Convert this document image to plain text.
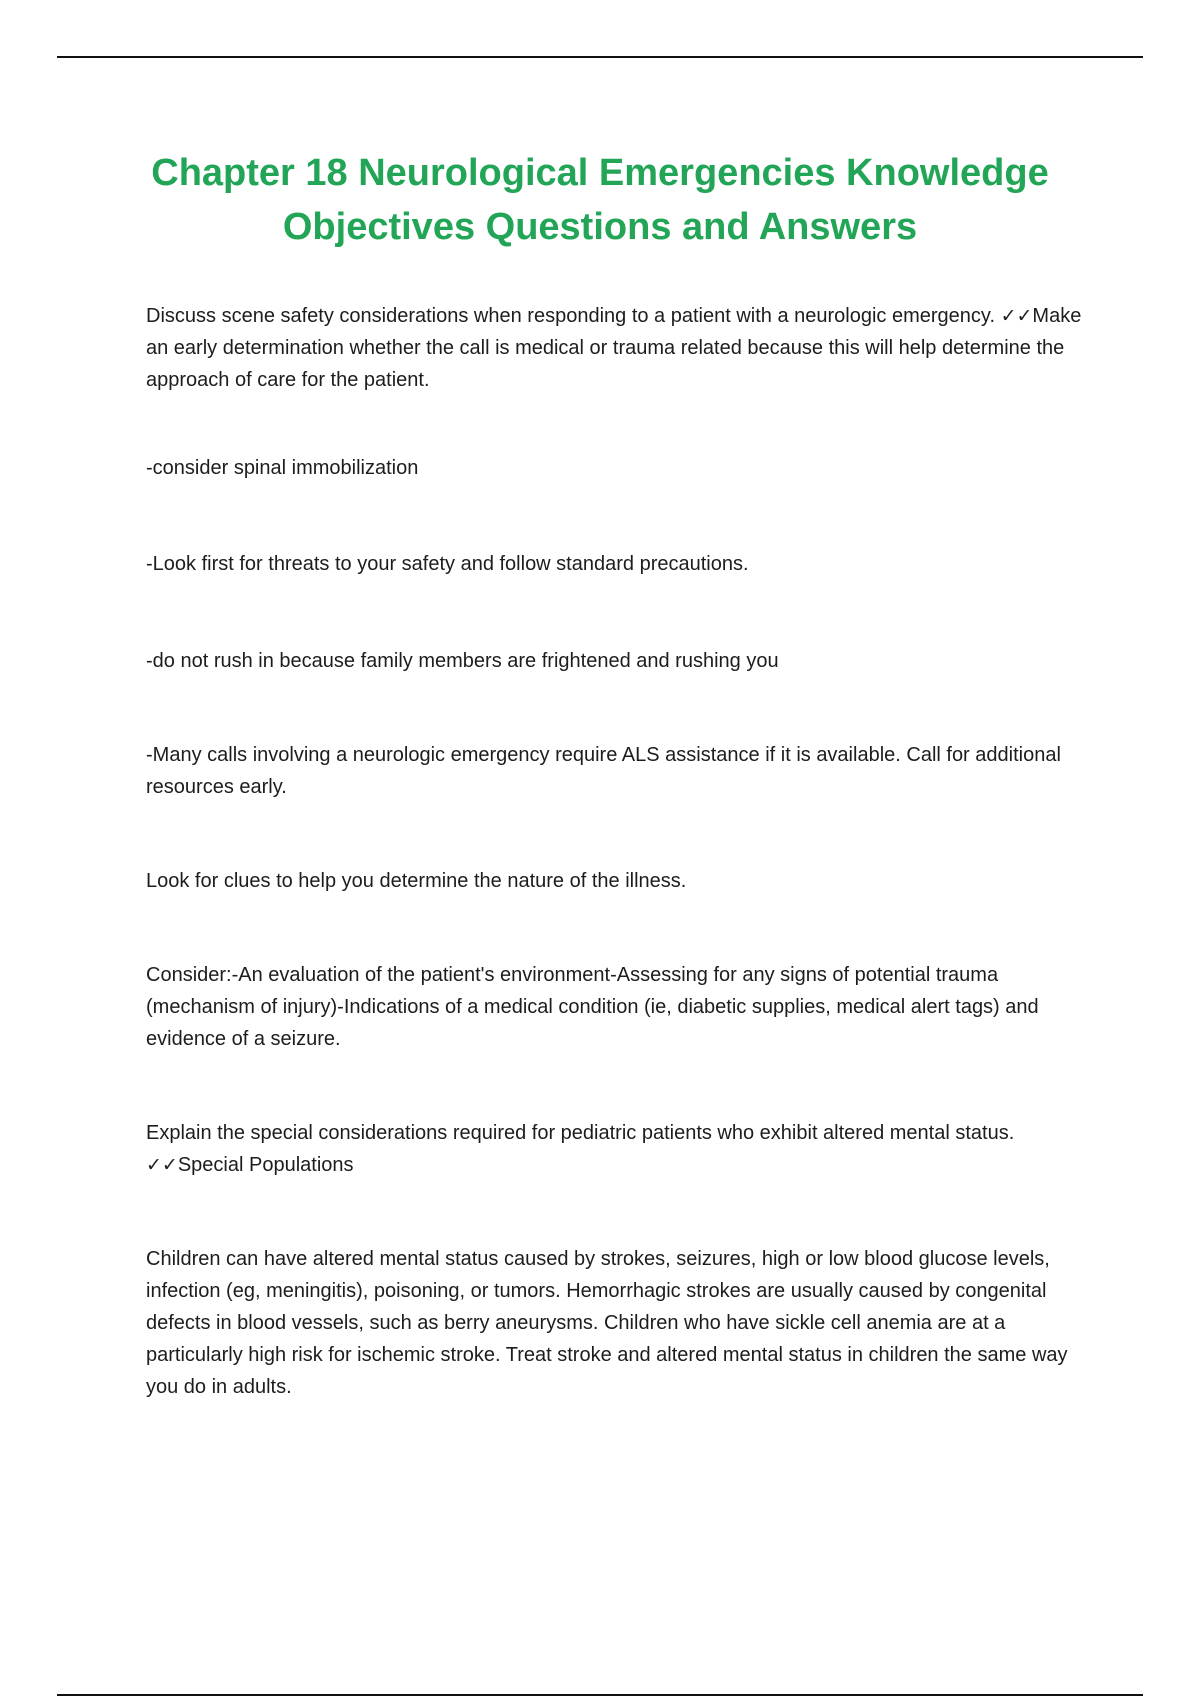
Chapter 18 Neurological Emergencies Knowledge Objectives Questions and Answers

Discuss scene safety considerations when responding to a patient with a neurologic emergency. ✓✓Make an early determination whether the call is medical or trauma related because this will help determine the approach of care for the patient.

-consider spinal immobilization

-Look first for threats to your safety and follow standard precautions.

-do not rush in because family members are frightened and rushing you

-Many calls involving a neurologic emergency require ALS assistance if it is available. Call for additional resources early.

Look for clues to help you determine the nature of the illness.

Consider:-An evaluation of the patient's environment-Assessing for any signs of potential trauma (mechanism of injury)-Indications of a medical condition (ie, diabetic supplies, medical alert tags) and evidence of a seizure.

Explain the special considerations required for pediatric patients who exhibit altered mental status. ✓✓Special Populations

Children can have altered mental status caused by strokes, seizures, high or low blood glucose levels, infection (eg, meningitis), poisoning, or tumors. Hemorrhagic strokes are usually caused by congenital defects in blood vessels, such as berry aneurysms. Children who have sickle cell anemia are at a particularly high risk for ischemic stroke. Treat stroke and altered mental status in children the same way you do in adults.
